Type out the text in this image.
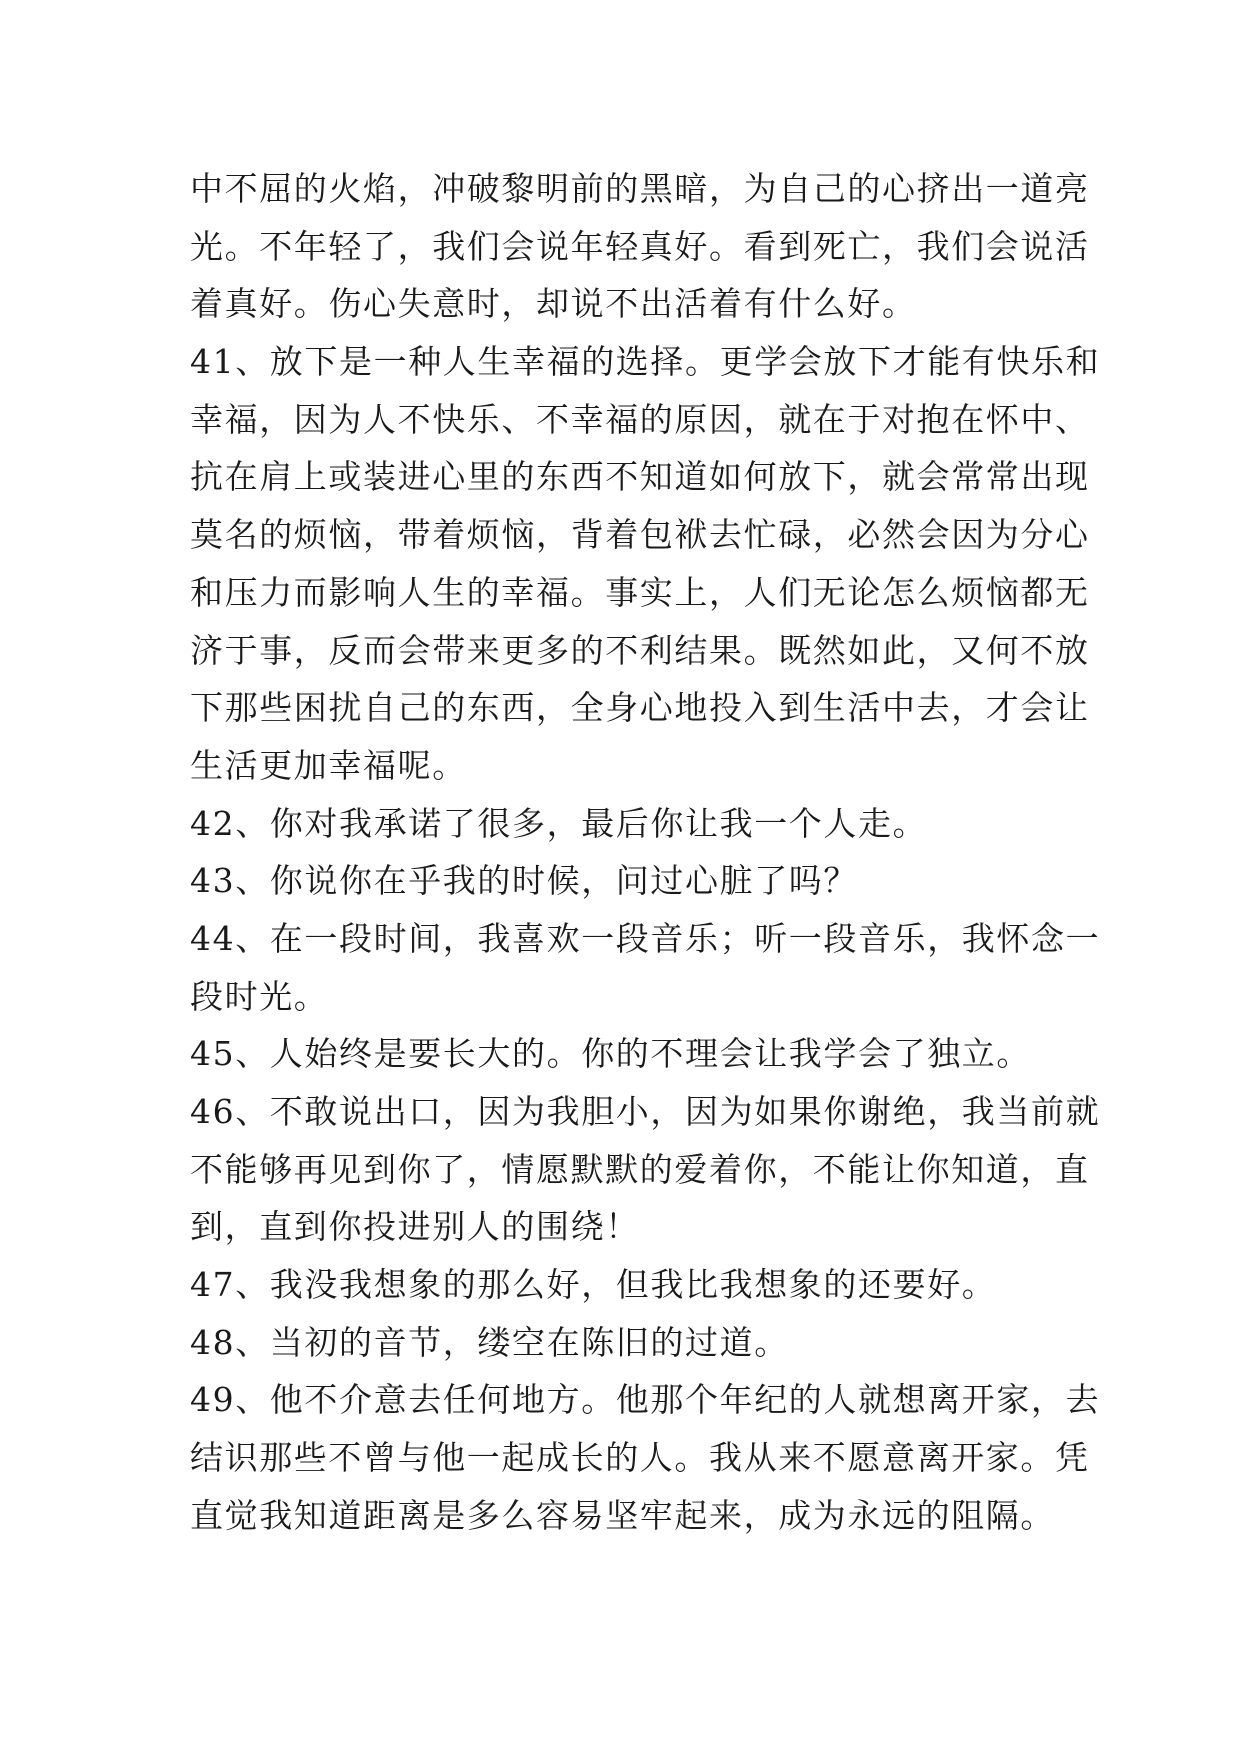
中不屈的火焰，冲破黎明前的黑暗，为自己的心挤出一道亮
光。不年轻了，我们会说年轻真好。看到死亡，我们会说活
着真好。伤心失意时，却说不出活着有什么好。
41、放下是一种人生幸福的选择。更学会放下才能有快乐和
幸福，因为人不快乐、不幸福的原因，就在于对抱在怀中、
抗在肩上或装进心里的东西不知道如何放下，就会常常出现
莫名的烦恼，带着烦恼，背着包袱去忙碌，必然会因为分心
和压力而影响人生的幸福。事实上，人们无论怎么烦恼都无
济于事，反而会带来更多的不利结果。既然如此，又何不放
下那些困扰自己的东西，全身心地投入到生活中去，才会让
生活更加幸福呢。
42、你对我承诺了很多，最后你让我一个人走。
43、你说你在乎我的时候，问过心脏了吗？
44、在一段时间，我喜欢一段音乐；听一段音乐，我怀念一
段时光。
45、人始终是要长大的。你的不理会让我学会了独立。
46、不敢说出口，因为我胆小，因为如果你谢绝，我当前就
不能够再见到你了，情愿默默的爱着你，不能让你知道，直
到，直到你投进别人的围绕！
47、我没我想象的那么好，但我比我想象的还要好。
48、当初的音节，缕空在陈旧的过道。
49、他不介意去任何地方。他那个年纪的人就想离开家，去
结识那些不曾与他一起成长的人。我从来不愿意离开家。凭
直觉我知道距离是多么容易坚牢起来，成为永远的阻隔。
